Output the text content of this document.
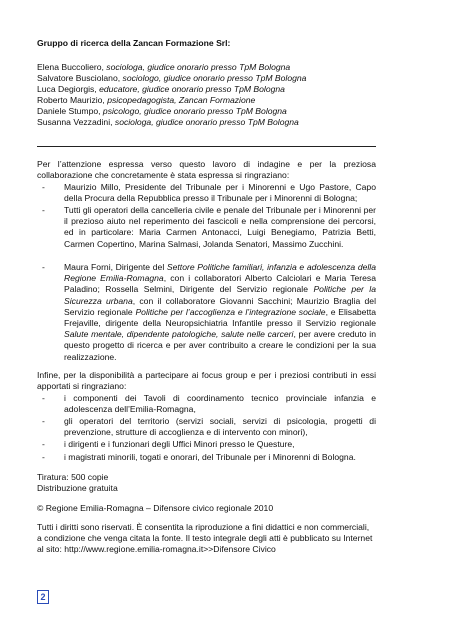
Gruppo di ricerca della Zancan Formazione Srl:
Elena Buccoliero, sociologa, giudice onorario presso TpM Bologna
Salvatore Busciolano, sociologo, giudice onorario presso TpM Bologna
Luca Degiorgis, educatore, giudice onorario presso TpM Bologna
Roberto Maurizio, psicopedagogista, Zancan Formazione
Daniele Stumpo, psicologo, giudice onorario presso TpM Bologna
Susanna Vezzadini, sociologa, giudice onorario presso TpM Bologna
Per l’attenzione espressa verso questo lavoro di indagine e per la preziosa
collaborazione che concretamente è stata espressa si ringraziano:
- Maurizio Millo, Presidente del Tribunale per i Minorenni e Ugo Pastore, Capo della Procura della Repubblica presso il Tribunale per i Minorenni di Bologna;

- Tutti gli operatori della cancelleria civile e penale del Tribunale per i Minorenni per il prezioso aiuto nel reperimento dei fascicoli e nella comprensione dei percorsi, ed in particolare: Maria Carmen Antonacci, Luigi Benegiamo, Patrizia Betti, Carmen Copertino, Marina Salmasi, Jolanda Senatori, Massimo Zucchini.

- Maura Forni, Dirigente del Settore Politiche familiari, infanzia e adolescenza della Regione Emilia-Romagna, con i collaboratori Alberto Calciolari e Maria Teresa Paladino; Rossella Selmini, Dirigente del Servizio regionale Politiche per la Sicurezza urbana, con il collaboratore Giovanni Sacchini; Maurizio Braglia del Servizio regionale Politiche per l’accoglienza e l’integrazione sociale, e Elisabetta Frejaville, dirigente della Neuropsichiatria Infantile presso il Servizio regionale Salute mentale, dipendente patologiche, salute nelle carceri, per avere creduto in questo progetto di ricerca e per aver contribuito a creare le condizioni per la sua realizzazione.

Infine, per la disponibilità a partecipare ai focus group e per i preziosi contributi in essi
apportati si ringraziano:
- i componenti dei Tavoli di coordinamento tecnico provinciale infanzia e adolescenza dell’Emilia-Romagna,

- gli operatori del territorio (servizi sociali, servizi di psicologia, progetti di prevenzione, strutture di accoglienza e di intervento con minori),

- i dirigenti e i funzionari degli Uffici Minori presso le Questure,

- i magistrati minorili, togati e onorari, del Tribunale per i Minorenni di Bologna.

Tiratura: 500 copie
Distribuzione gratuita
© Regione Emilia-Romagna – Difensore civico regionale 2010
Tutti i diritti sono riservati. È consentita la riproduzione a fini didattici e non commerciali,
a condizione che venga citata la fonte. Il testo integrale degli atti è pubblicato su Internet
al sito: http://www.regione.emilia-romagna.it>>Difensore Civico
2
